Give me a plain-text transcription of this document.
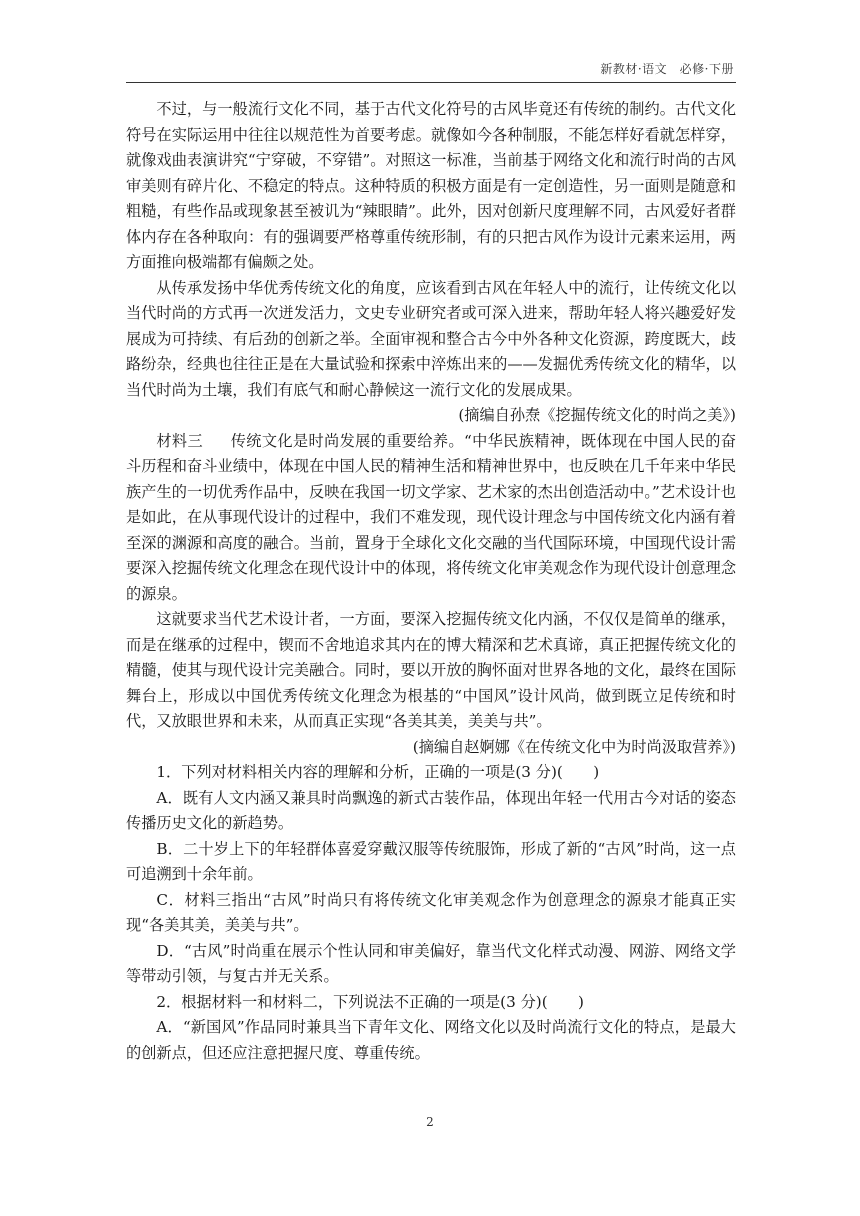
新教材·语文　必修·下册

不过，与一般流行文化不同，基于古代文化符号的古风毕竟还有传统的制约。古代文化符号在实际运用中往往以规范性为首要考虑。就像如今各种制服，不能怎样好看就怎样穿，就像戏曲表演讲究“宁穿破，不穿错”。对照这一标准，当前基于网络文化和流行时尚的古风审美则有碎片化、不稳定的特点。这种特质的积极方面是有一定创造性，另一面则是随意和粗糙，有些作品或现象甚至被讥为“辣眼睛”。此外，因对创新尺度理解不同，古风爱好者群体内存在各种取向：有的强调要严格尊重传统形制，有的只把古风作为设计元素来运用，两方面推向极端都有偏颇之处。

从传承发扬中华优秀传统文化的角度，应该看到古风在年轻人中的流行，让传统文化以当代时尚的方式再一次迸发活力，文史专业研究者或可深入进来，帮助年轻人将兴趣爱好发展成为可持续、有后劲的创新之举。全面审视和整合古今中外各种文化资源，跨度既大，歧路纷杂，经典也往往正是在大量试验和探索中淬炼出来的——发掘优秀传统文化的精华，以当代时尚为土壤，我们有底气和耐心静候这一流行文化的发展成果。

(摘编自孙焘《挖掘传统文化的时尚之美》)

材料三 传统文化是时尚发展的重要给养。“中华民族精神，既体现在中国人民的奋斗历程和奋斗业绩中，体现在中国人民的精神生活和精神世界中，也反映在几千年来中华民族产生的一切优秀作品中，反映在我国一切文学家、艺术家的杰出创造活动中。”艺术设计也是如此，在从事现代设计的过程中，我们不难发现，现代设计理念与中国传统文化内涵有着至深的渊源和高度的融合。当前，置身于全球化文化交融的当代国际环境，中国现代设计需要深入挖掘传统文化理念在现代设计中的体现，将传统文化审美观念作为现代设计创意理念的源泉。

这就要求当代艺术设计者，一方面，要深入挖掘传统文化内涵，不仅仅是简单的继承，而是在继承的过程中，锲而不舍地追求其内在的博大精深和艺术真谛，真正把握传统文化的精髓，使其与现代设计完美融合。同时，要以开放的胸怀面对世界各地的文化，最终在国际舞台上，形成以中国优秀传统文化理念为根基的“中国风”设计风尚，做到既立足传统和时代，又放眼世界和未来，从而真正实现“各美其美，美美与共”。

(摘编自赵婀娜《在传统文化中为时尚汲取营养》)

1．下列对材料相关内容的理解和分析，正确的一项是(3 分)(　　)

A．既有人文内涵又兼具时尚飘逸的新式古装作品，体现出年轻一代用古今对话的姿态传播历史文化的新趋势。

B．二十岁上下的年轻群体喜爱穿戴汉服等传统服饰，形成了新的“古风”时尚，这一点可追溯到十余年前。

C．材料三指出“古风”时尚只有将传统文化审美观念作为创意理念的源泉才能真正实现“各美其美，美美与共”。

D．“古风”时尚重在展示个性认同和审美偏好，靠当代文化样式动漫、网游、网络文学等带动引领，与复古并无关系。

2．根据材料一和材料二，下列说法不正确的一项是(3 分)(　　)

A．“新国风”作品同时兼具当下青年文化、网络文化以及时尚流行文化的特点，是最大的创新点，但还应注意把握尺度、尊重传统。

2
